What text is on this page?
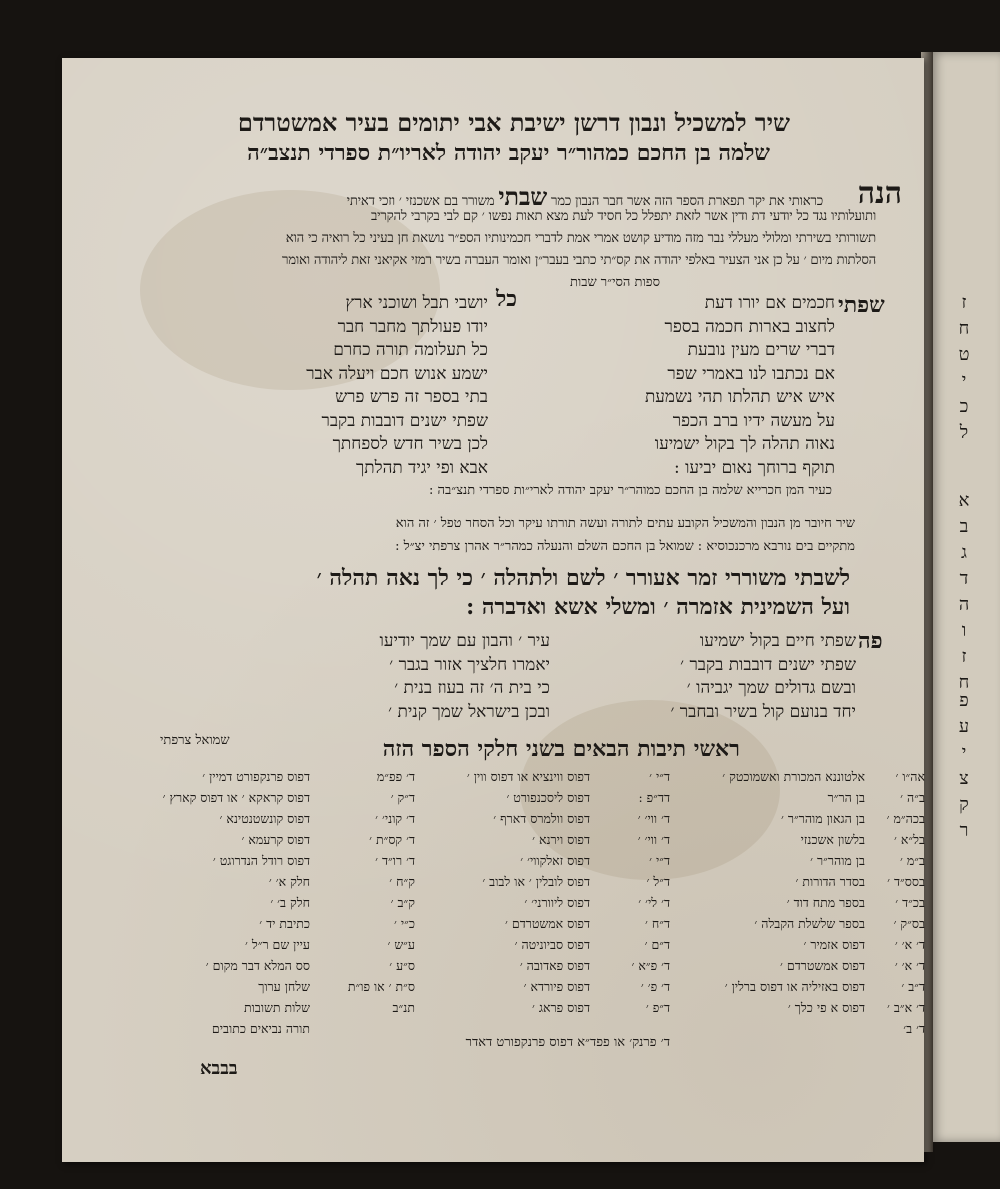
שיר למשכיל ונבון דרשן ישיבת אבי יתומים בעיר אמשטרדם
שלמה בן החכם כמהור״ר יעקב יהודה לאריו״ת ספרדי תנצב״ה
הנה
כראותי את יקר תפארת הספר הזה אשר חבר הנבון כמר שבתי משורר בם אשכנזי ׳ וזכי דאיתי
ותועלותיו נגד כל יודעי דת ודין אשר לזאת יתפלל כל חסיד לעת מצא תאות נפשו ׳ קם לבי בקרבי להקריב
תשורותי בשירתי ומלולי מעללי נבר מזה מודיע קושט אמרי אמת לדברי חכמינותיו הספ״ר נושאת חן בעיני כל רואיה כי הוא
הסלתות מיום ׳ על כן אני הצעיר באלפי יהודה את קס״תי כתבי בעבר״ן ואומר העברה בשיר רמזי אקיאני זאת ליהודה ואומר
ספות הסי״ר שבות
שפתי
חכמים אם יורו דעת
לחצוב בארות חכמה בספר
דברי שרים מעין נובעת
אם נכתבו לנו באמרי שפר
איש איש תהלתו תהי נשמעת
על מעשה ידיו ברב הכפר
נאוה תהלה לך בקול ישמיעו
תוקף ברוחך נאום יביעו :
כל
יושבי תבל ושוכני ארץ
יודו פעולתך מחבר חבר
כל תעלומה תורה כחרם
ישמע אנוש חכם ויעלה אבר
בתי בספר זה פרש פרש
שפתי ישנים דובבות בקבר
לכן בשיר חדש לספחתך
אבא ופי יגיד תהלתך
כעיר המן חכרייא שלמה בן החכם כמוהר״ר יעקב יהודה לארי״ות ספרדי תנצ״בה :
שיר חיובר מן הנבון והמשכיל הקובע עתים לתורה ועשה תורתו עיקר וכל הסחר טפל ׳ זה הוא
מתקיים בים נורבא מרכנכוסיא : שמואל בן החכם השלם והנעלה כמהר״ר אהרן צרפתי יצ״ל :
לשבתי משוררי זמר אעורר ׳ לשם ולתהלה ׳ כי לך נאה תהלה ׳
ועל השמינית אזמרה ׳ ומשלי אשא ואדברה :
פה
שפתי חיים בקול ישמיעו
שפתי ישנים דובבות בקבר ׳
ובשם גדולים שמך יגביהו ׳
יחד בנועם קול בשיר ובחבר ׳
עיר ׳ והבון עם שמך יודיעו
יאמרו חלציך אזור בגבר ׳
כי בית ה׳ זה בעוז בנית ׳
ובכן בישראל שמך קנית ׳
שמואל צרפתי	ראשי תיבות הבאים בשני חלקי הספר הזה
אה״ו ׳
ב״ה ׳
בכה״מ ׳
בל״א ׳
ב״מ ׳
בסס״ד ׳
בכ״ד ׳
בס״ק ׳
ד׳ א׳ ׳
ד׳ א׳ ׳
ד״ב ׳
ד׳ א״ב ׳
ד׳ ב׳
אלטוננא המכורת ואשמוכטק ׳
בן הר״ר
בן הגאון מוהר״ר ׳
בלשון אשכנזי
בן מוהר״ר ׳
בסדר הדורות ׳
בספר מתח דוד ׳
בספר שלשלת הקבלה ׳
דפוס אזמיר ׳
דפוס אמשטרדם ׳
דפוס באזיליה או דפוס ברלין ׳
דפוס א פי כלך ׳
ד״י ׳
דד״פ :
ד׳ ווי׳ ׳
ד׳ ווי׳ ׳
ד״י ׳
ד״ל ׳
ד׳ לי׳ ׳
ד״ח ׳
ד״ם ׳
ד׳ פ״א ׳
ד׳ פ׳ ׳
ד״פ ׳
דפוס ווינציא או דפוס ווין ׳
דפוס ליסכנפורט ׳
דפוס וולמרס דארף ׳
דפוס וירנא ׳
דפוס זאלקווי׳ ׳
דפוס לובלין ׳ או לבוב ׳
דפוס ליוורני׳ ׳
דפוס אמשטרדם ׳
דפוס סביוניטה ׳
דפוס פאדובה ׳
דפוס פיורדא ׳
דפוס פראג ׳
ד׳ פרנק׳ או פפד״א דפוס פרנקפורט דאדר
ד׳ פפ״מ
ד״ק ׳
ד׳ קוני׳ ׳
ד׳ קס״ת ׳
ד׳ רו״ד ׳
ק״ח ׳
ק״ב ׳
כ״י ׳
ע״ש ׳
ס״ע ׳
ס״ת ׳ או פו״ת
תנ״ב
דפוס פרנקפורט דמיין ׳
דפוס קראקא ׳ או דפוס קארץ ׳
דפוס קונשטנטינא ׳
דפוס קרעמא ׳
דפוס רודל הנדרוגט ׳
חלק א׳ ׳
חלק ב׳ ׳
כתיבת יד ׳
עיין שם ר״ל ׳
סס המלא דבר מקום ׳
שלחן ערוך
שלות תשובות
תורה נביאים כתובים
בבבא
ז
ח
ט
י
כ
ל
א
ב
ג
ד
ה
ו
ז
ח
פ
ע
י
צ
ק
ר
